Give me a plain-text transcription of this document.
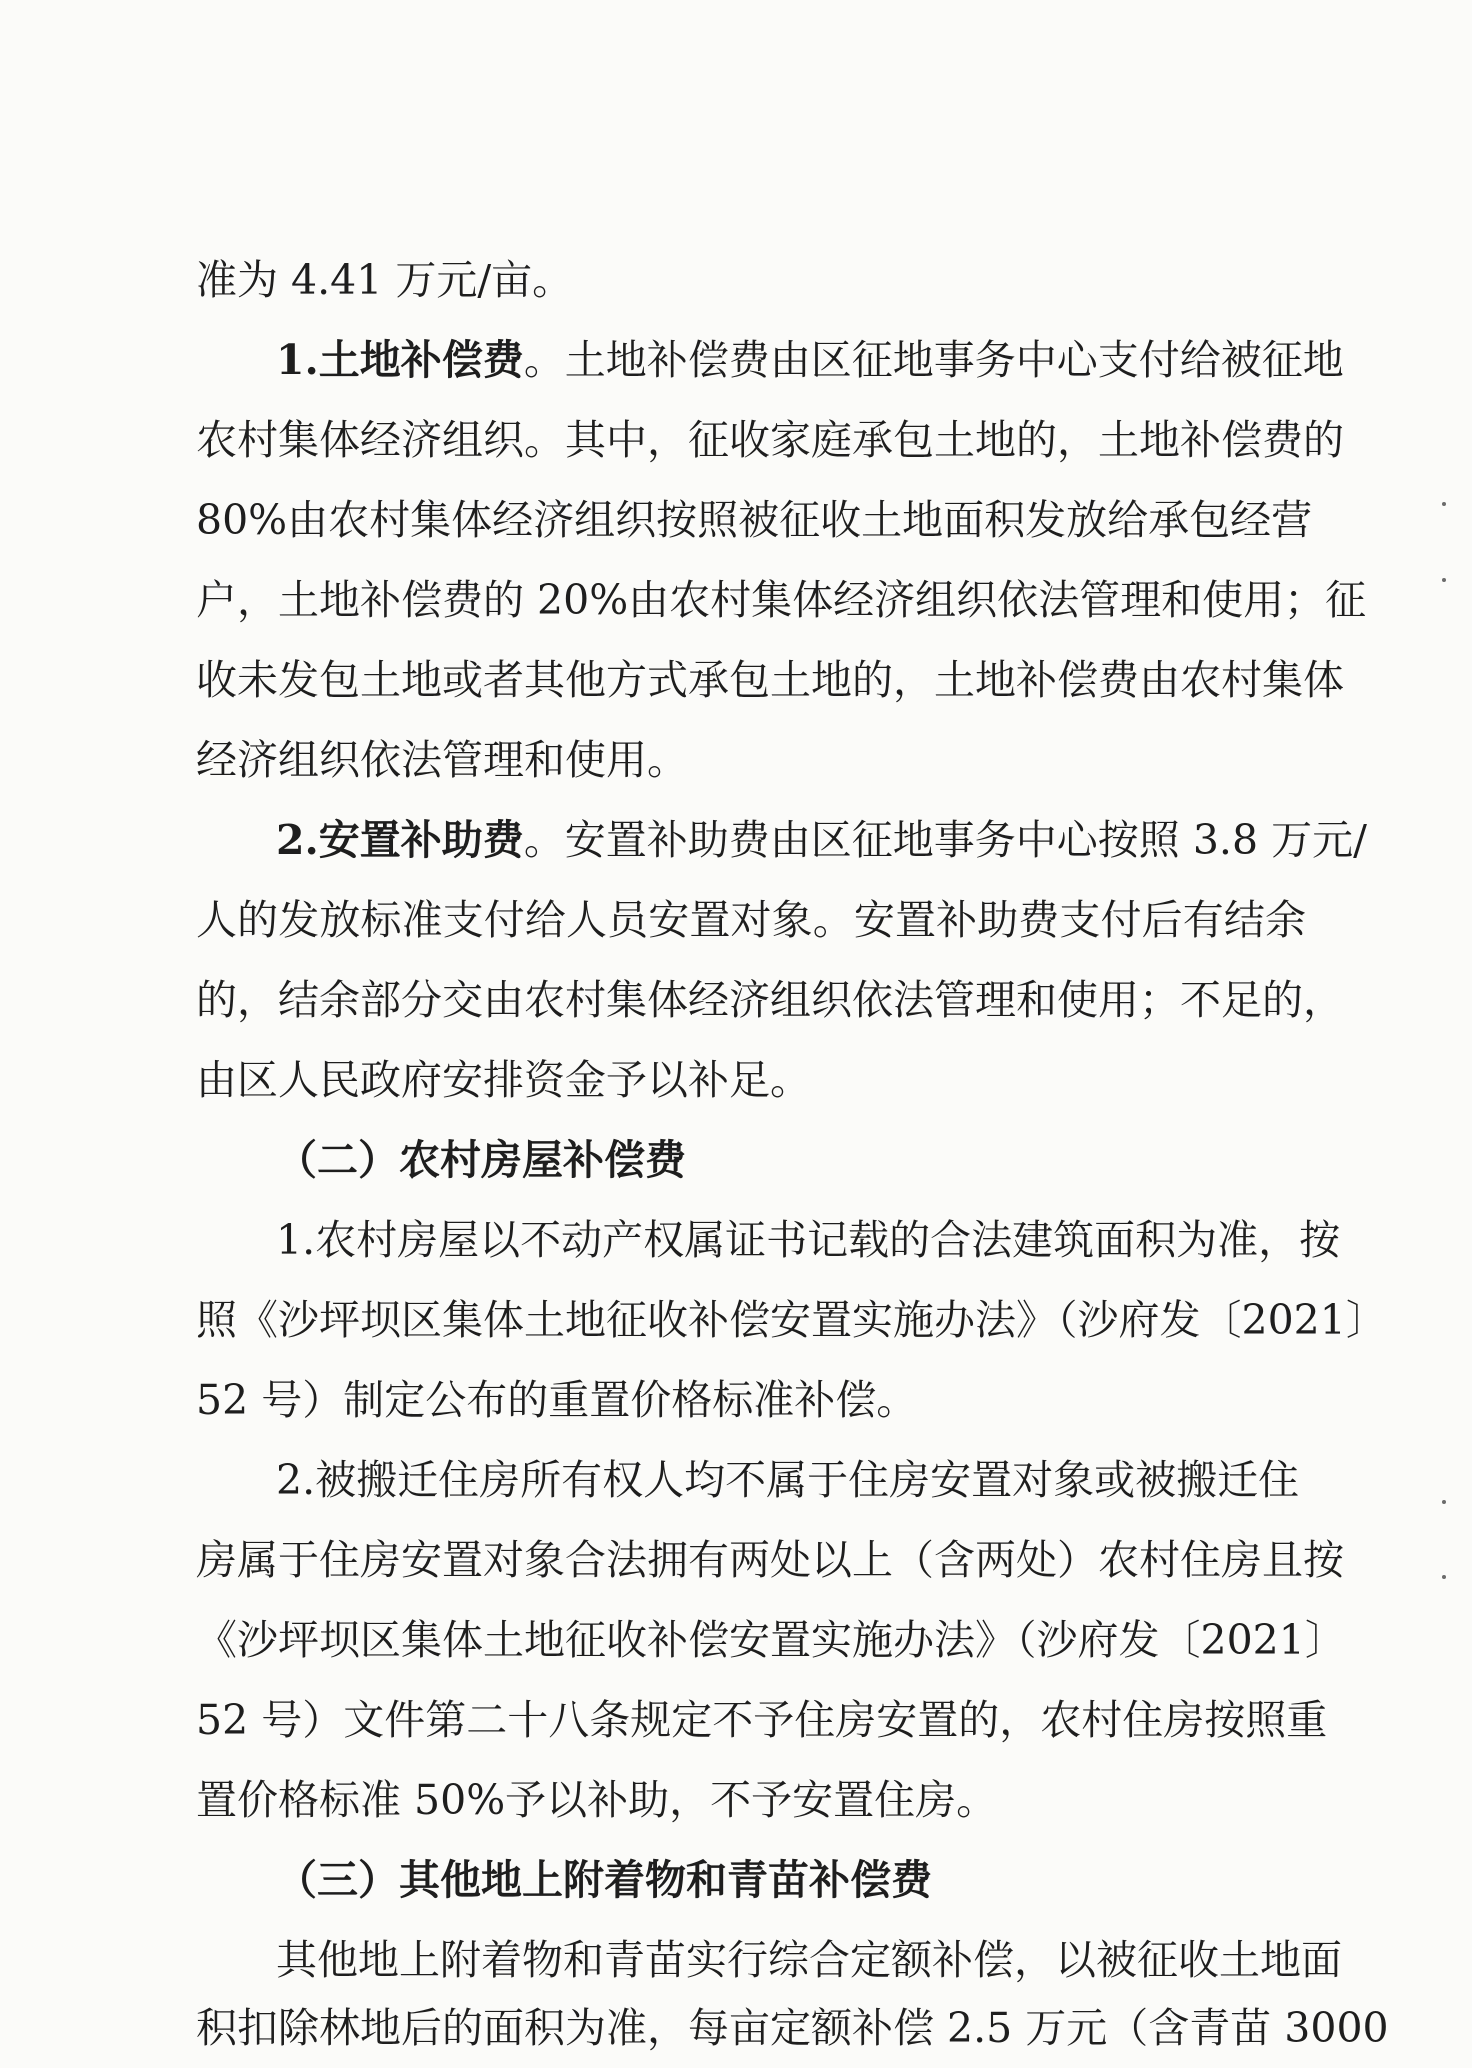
准为 4.41 万元/亩。
1.土地补偿费。土地补偿费由区征地事务中心支付给被征地
农村集体经济组织。其中，征收家庭承包土地的，土地补偿费的
80%由农村集体经济组织按照被征收土地面积发放给承包经营
户，土地补偿费的 20%由农村集体经济组织依法管理和使用；征
收未发包土地或者其他方式承包土地的，土地补偿费由农村集体
经济组织依法管理和使用。
2.安置补助费。安置补助费由区征地事务中心按照 3.8 万元/
人的发放标准支付给人员安置对象。安置补助费支付后有结余
的，结余部分交由农村集体经济组织依法管理和使用；不足的，
由区人民政府安排资金予以补足。
（二）农村房屋补偿费
1.农村房屋以不动产权属证书记载的合法建筑面积为准，按
照《沙坪坝区集体土地征收补偿安置实施办法》（沙府发〔2021〕
52 号）制定公布的重置价格标准补偿。
2.被搬迁住房所有权人均不属于住房安置对象或被搬迁住
房属于住房安置对象合法拥有两处以上（含两处）农村住房且按
《沙坪坝区集体土地征收补偿安置实施办法》（沙府发〔2021〕
52 号）文件第二十八条规定不予住房安置的，农村住房按照重
置价格标准 50%予以补助，不予安置住房。
（三）其他地上附着物和青苗补偿费
其他地上附着物和青苗实行综合定额补偿，以被征收土地面
积扣除林地后的面积为准，每亩定额补偿 2.5 万元（含青苗 3000
